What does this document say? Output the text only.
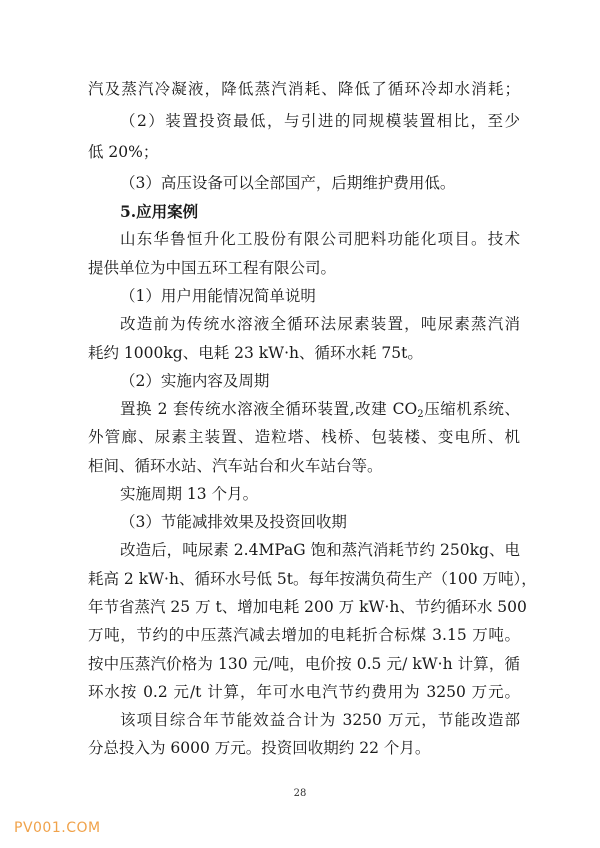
汽及蒸汽冷凝液，降低蒸汽消耗、降低了循环冷却水消耗；
（2）装置投资最低，与引进的同规模装置相比，至少
低 20%；
（3）高压设备可以全部国产，后期维护费用低。
5.应用案例
山东华鲁恒升化工股份有限公司肥料功能化项目。技术
提供单位为中国五环工程有限公司。
（1）用户用能情况简单说明
改造前为传统水溶液全循环法尿素装置，吨尿素蒸汽消
耗约 1000kg、电耗 23 kW·h、循环水耗 75t。
（2）实施内容及周期
置换 2 套传统水溶液全循环装置,改建 $CO_2$压缩机系统、
外管廊、尿素主装置、造粒塔、栈桥、包装楼、变电所、机
柜间、循环水站、汽车站台和火车站台等。
实施周期 13 个月。
（3）节能减排效果及投资回收期
改造后，吨尿素 2.4MPaG 饱和蒸汽消耗节约 250kg、电
耗高 2 kW·h、循环水号低 5t。每年按满负荷生产（100 万吨），
年节省蒸汽 25 万 t、增加电耗 200 万 kW·h、节约循环水 500
万吨，节约的中压蒸汽减去增加的电耗折合标煤 3.15 万吨。
按中压蒸汽价格为 130 元/吨，电价按 0.5 元/ kW·h 计算，循
环水按 0.2 元/t 计算，年可水电汽节约费用为 3250 万元。
该项目综合年节能效益合计为 3250 万元，节能改造部
分总投入为 6000 万元。投资回收期约 22 个月。
28
PV001.COM
